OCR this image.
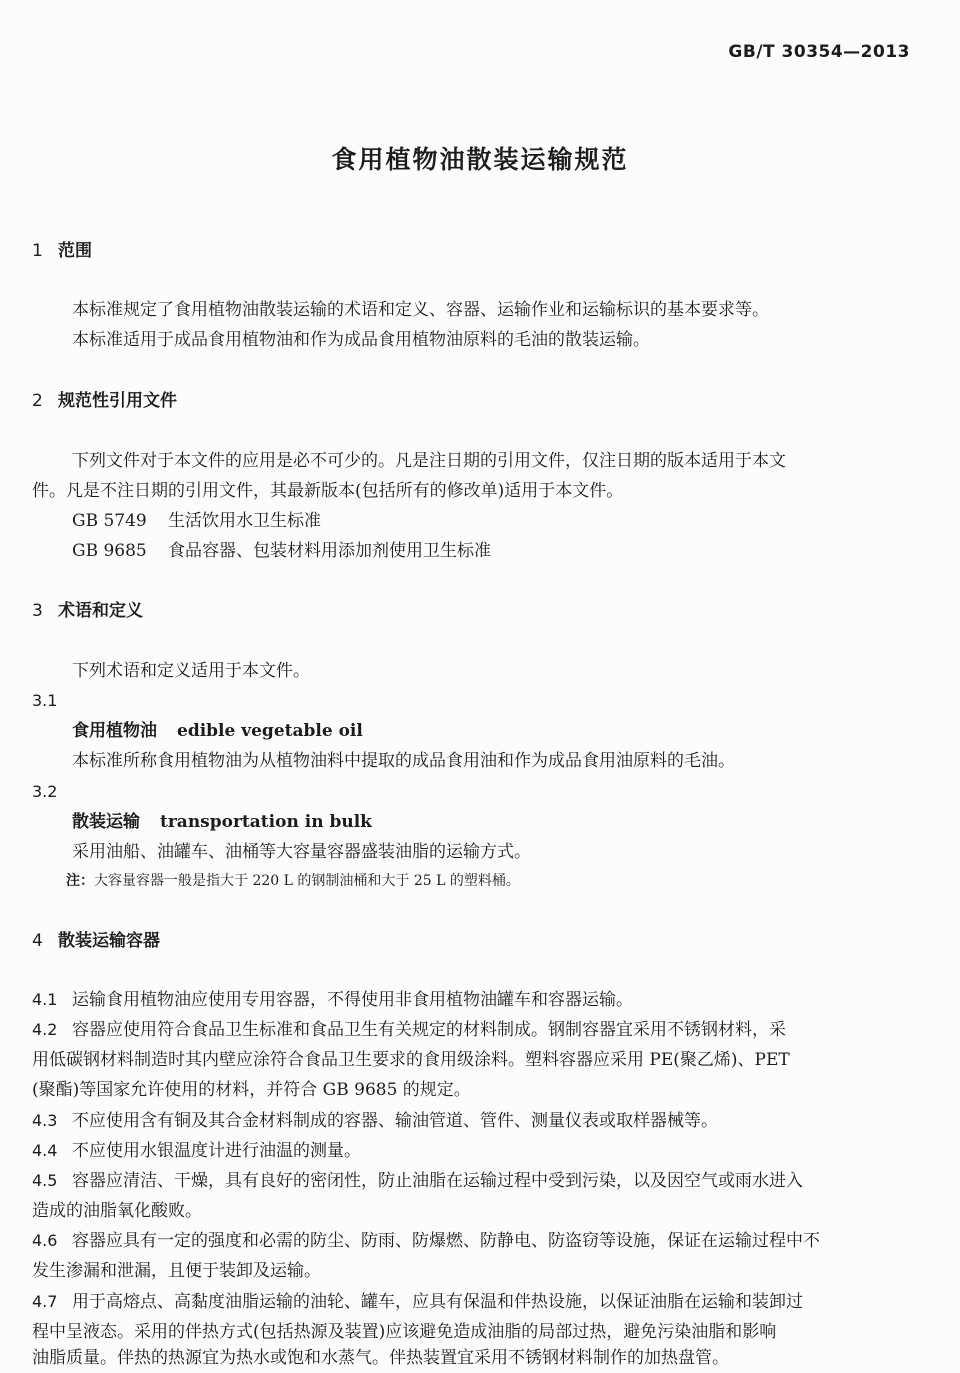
GB/T 30354—2013
食用植物油散装运输规范
1 范围
本标准规定了食用植物油散装运输的术语和定义、容器、运输作业和运输标识的基本要求等。
本标准适用于成品食用植物油和作为成品食用植物油原料的毛油的散装运输。
2 规范性引用文件
下列文件对于本文件的应用是必不可少的。凡是注日期的引用文件，仅注日期的版本适用于本文
件。凡是不注日期的引用文件，其最新版本(包括所有的修改单)适用于本文件。
GB 5749 生活饮用水卫生标准
GB 9685 食品容器、包装材料用添加剂使用卫生标准
3 术语和定义
下列术语和定义适用于本文件。
3.1
食用植物油 edible vegetable oil
本标准所称食用植物油为从植物油料中提取的成品食用油和作为成品食用油原料的毛油。
3.2
散装运输 transportation in bulk
采用油船、油罐车、油桶等大容量容器盛装油脂的运输方式。
注：大容量容器一般是指大于 220 L 的钢制油桶和大于 25 L 的塑料桶。
4 散装运输容器
4.1 运输食用植物油应使用专用容器，不得使用非食用植物油罐车和容器运输。
4.2 容器应使用符合食品卫生标准和食品卫生有关规定的材料制成。钢制容器宜采用不锈钢材料，采
用低碳钢材料制造时其内壁应涂符合食品卫生要求的食用级涂料。塑料容器应采用 PE(聚乙烯)、PET
(聚酯)等国家允许使用的材料，并符合 GB 9685 的规定。
4.3 不应使用含有铜及其合金材料制成的容器、输油管道、管件、测量仪表或取样器械等。
4.4 不应使用水银温度计进行油温的测量。
4.5 容器应清洁、干燥，具有良好的密闭性，防止油脂在运输过程中受到污染，以及因空气或雨水进入
造成的油脂氧化酸败。
4.6 容器应具有一定的强度和必需的防尘、防雨、防爆燃、防静电、防盗窃等设施，保证在运输过程中不
发生渗漏和泄漏，且便于装卸及运输。
4.7 用于高熔点、高黏度油脂运输的油轮、罐车，应具有保温和伴热设施，以保证油脂在运输和装卸过
程中呈液态。采用的伴热方式(包括热源及装置)应该避免造成油脂的局部过热，避免污染油脂和影响
油脂质量。伴热的热源宜为热水或饱和水蒸气。伴热装置宜采用不锈钢材料制作的加热盘管。
